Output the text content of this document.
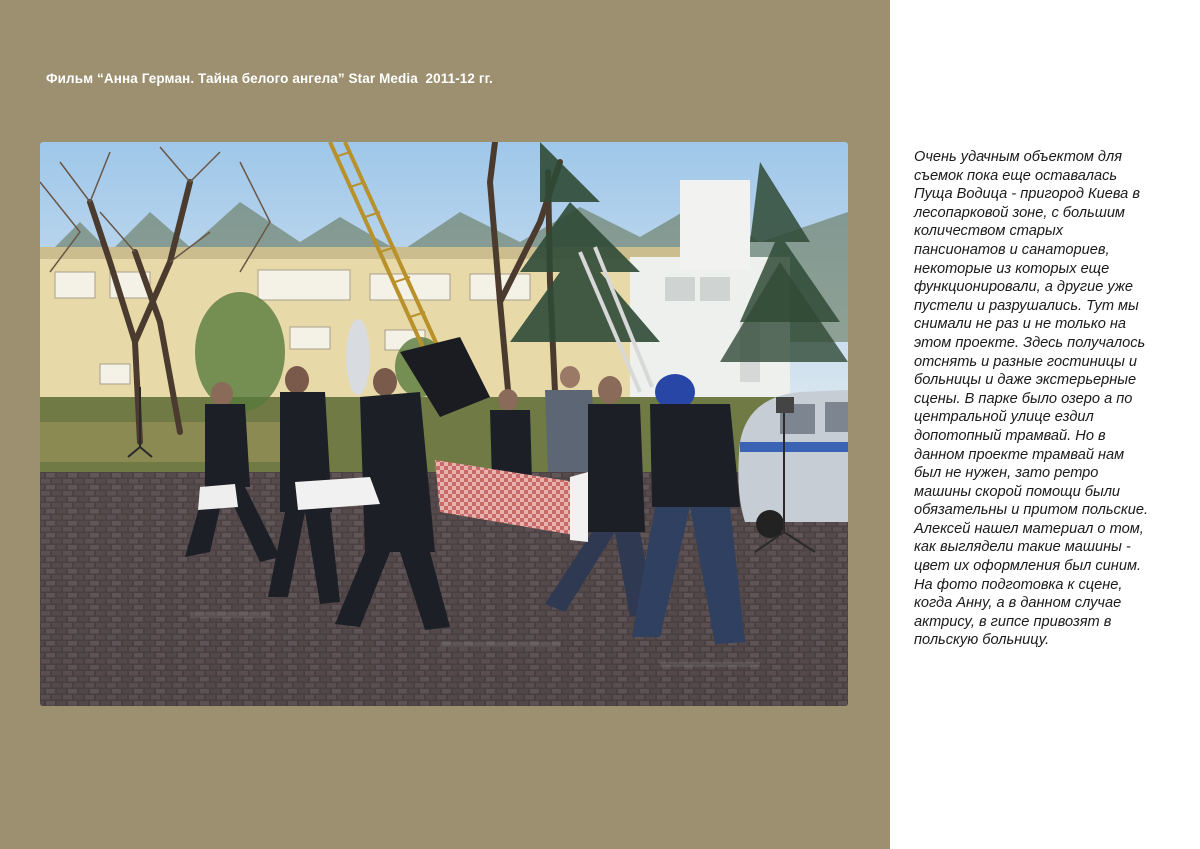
Фильм “Анна Герман. Тайна белого ангела” Star Media  2011-12 гг.
Очень удачным объектом для
съемок пока еще оставалась
Пуща Водица - пригород Киева в
лесопарковой зоне, с большим
количеством старых
пансионатов и санаториев,
некоторые из которых еще
функционировали, а другие уже
пустели и разрушались. Тут мы
снимали не раз и не только на
этом проекте. Здесь получалось
отснять и разные гостиницы и
больницы и даже экстерьерные
сцены. В парке было озеро а по
центральной улице ездил
допотопный трамвай. Но в
данном проекте трамвай нам
был не нужен, зато ретро
машины скорой помощи были
обязательны и притом польские.
Алексей нашел материал о том,
как выглядели такие машины -
цвет их оформления был синим.
На фото подготовка к сцене,
когда Анну, а в данном случае
актрису, в гипсе привозят в
польскую больницу.
